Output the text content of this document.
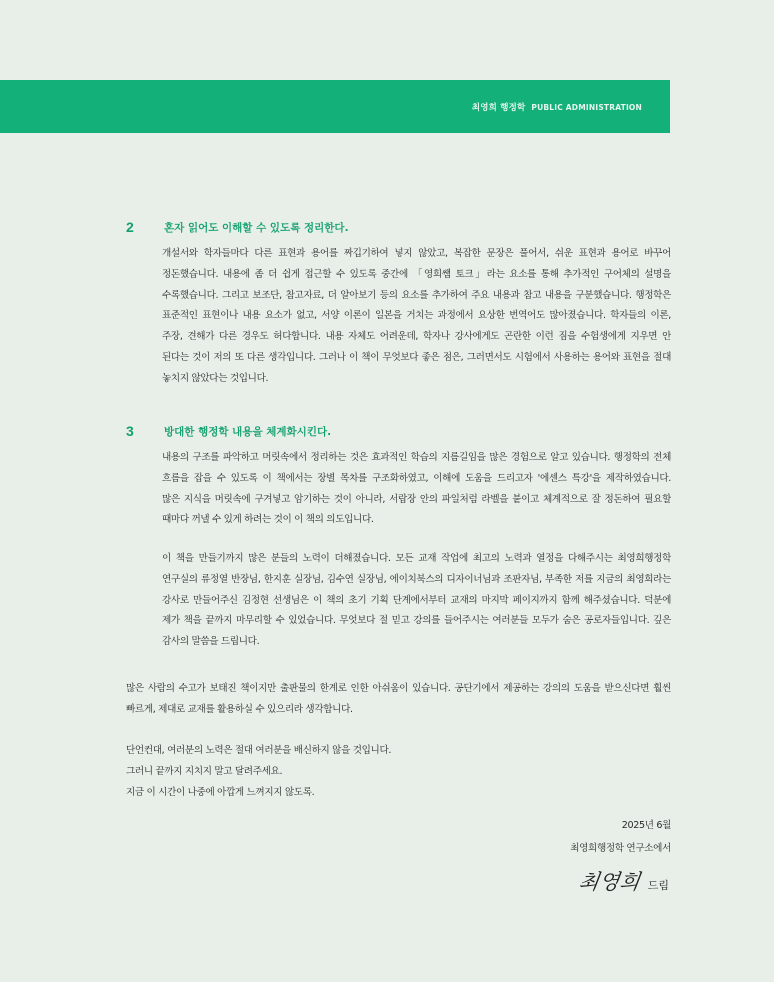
최영희 행정학 PUBLIC ADMINISTRATION
2	혼자 읽어도 이해할 수 있도록 정리한다.
개설서와 학자들마다 다른 표현과 용어를 짜깁기하여 넣지 않았고, 복잡한 문장은 풀어서, 쉬운 표현과 용어로 바꾸어
정돈했습니다. 내용에 좀 더 쉽게 접근할 수 있도록 중간에 「영희쌤 토크」라는 요소를 통해 추가적인 구어체의 설명을
수록했습니다. 그리고 보조단, 참고자료, 더 알아보기 등의 요소를 추가하여 주요 내용과 참고 내용을 구분했습니다. 행정학은
표준적인 표현이나 내용 요소가 없고, 서양 이론이 일본을 거치는 과정에서 요상한 번역어도 많아졌습니다. 학자들의 이론,
주장, 견해가 다른 경우도 허다합니다. 내용 자체도 어려운데, 학자나 강사에게도 곤란한 이런 짐을 수험생에게 지우면 안
된다는 것이 저의 또 다른 생각입니다. 그러나 이 책이 무엇보다 좋은 점은, 그러면서도 시험에서 사용하는 용어와 표현을 절대
놓치지 않았다는 것입니다.
3	방대한 행정학 내용을 체계화시킨다.
내용의 구조를 파악하고 머릿속에서 정리하는 것은 효과적인 학습의 지름길임을 많은 경험으로 알고 있습니다. 행정학의 전체
흐름을 잡을 수 있도록 이 책에서는 장별 목차를 구조화하였고, 이해에 도움을 드리고자 '에센스 특강'을 제작하였습니다.
많은 지식을 머릿속에 구겨넣고 암기하는 것이 아니라, 서랍장 안의 파일처럼 라벨을 붙이고 체계적으로 잘 정돈하여 필요할
때마다 꺼낼 수 있게 하려는 것이 이 책의 의도입니다.
이 책을 만들기까지 많은 분들의 노력이 더해졌습니다. 모든 교재 작업에 최고의 노력과 열정을 다해주시는 최영희행정학
연구실의 류정열 반장님, 한지훈 실장님, 김수연 실장님, 에이치북스의 디자이너님과 조판자님, 부족한 저를 지금의 최영희라는
강사로 만들어주신 김정현 선생님은 이 책의 초기 기획 단계에서부터 교재의 마지막 페이지까지 함께 해주셨습니다. 덕분에
제가 책을 끝까지 마무리할 수 있었습니다. 무엇보다 절 믿고 강의를 들어주시는 여러분들 모두가 숨은 공로자들입니다. 깊은
감사의 말씀을 드립니다.
많은 사람의 수고가 보태진 책이지만 출판물의 한계로 인한 아쉬움이 있습니다. 공단기에서 제공하는 강의의 도움을 받으신다면 훨씬
빠르게, 제대로 교재를 활용하실 수 있으리라 생각합니다.
단언컨대, 여러분의 노력은 절대 여러분을 배신하지 않을 것입니다.
그러니 끝까지 지치지 말고 달려주세요.
지금 이 시간이 나중에 아깝게 느껴지지 않도록.
2025년 6월
최영희행정학 연구소에서
최영희 드림
